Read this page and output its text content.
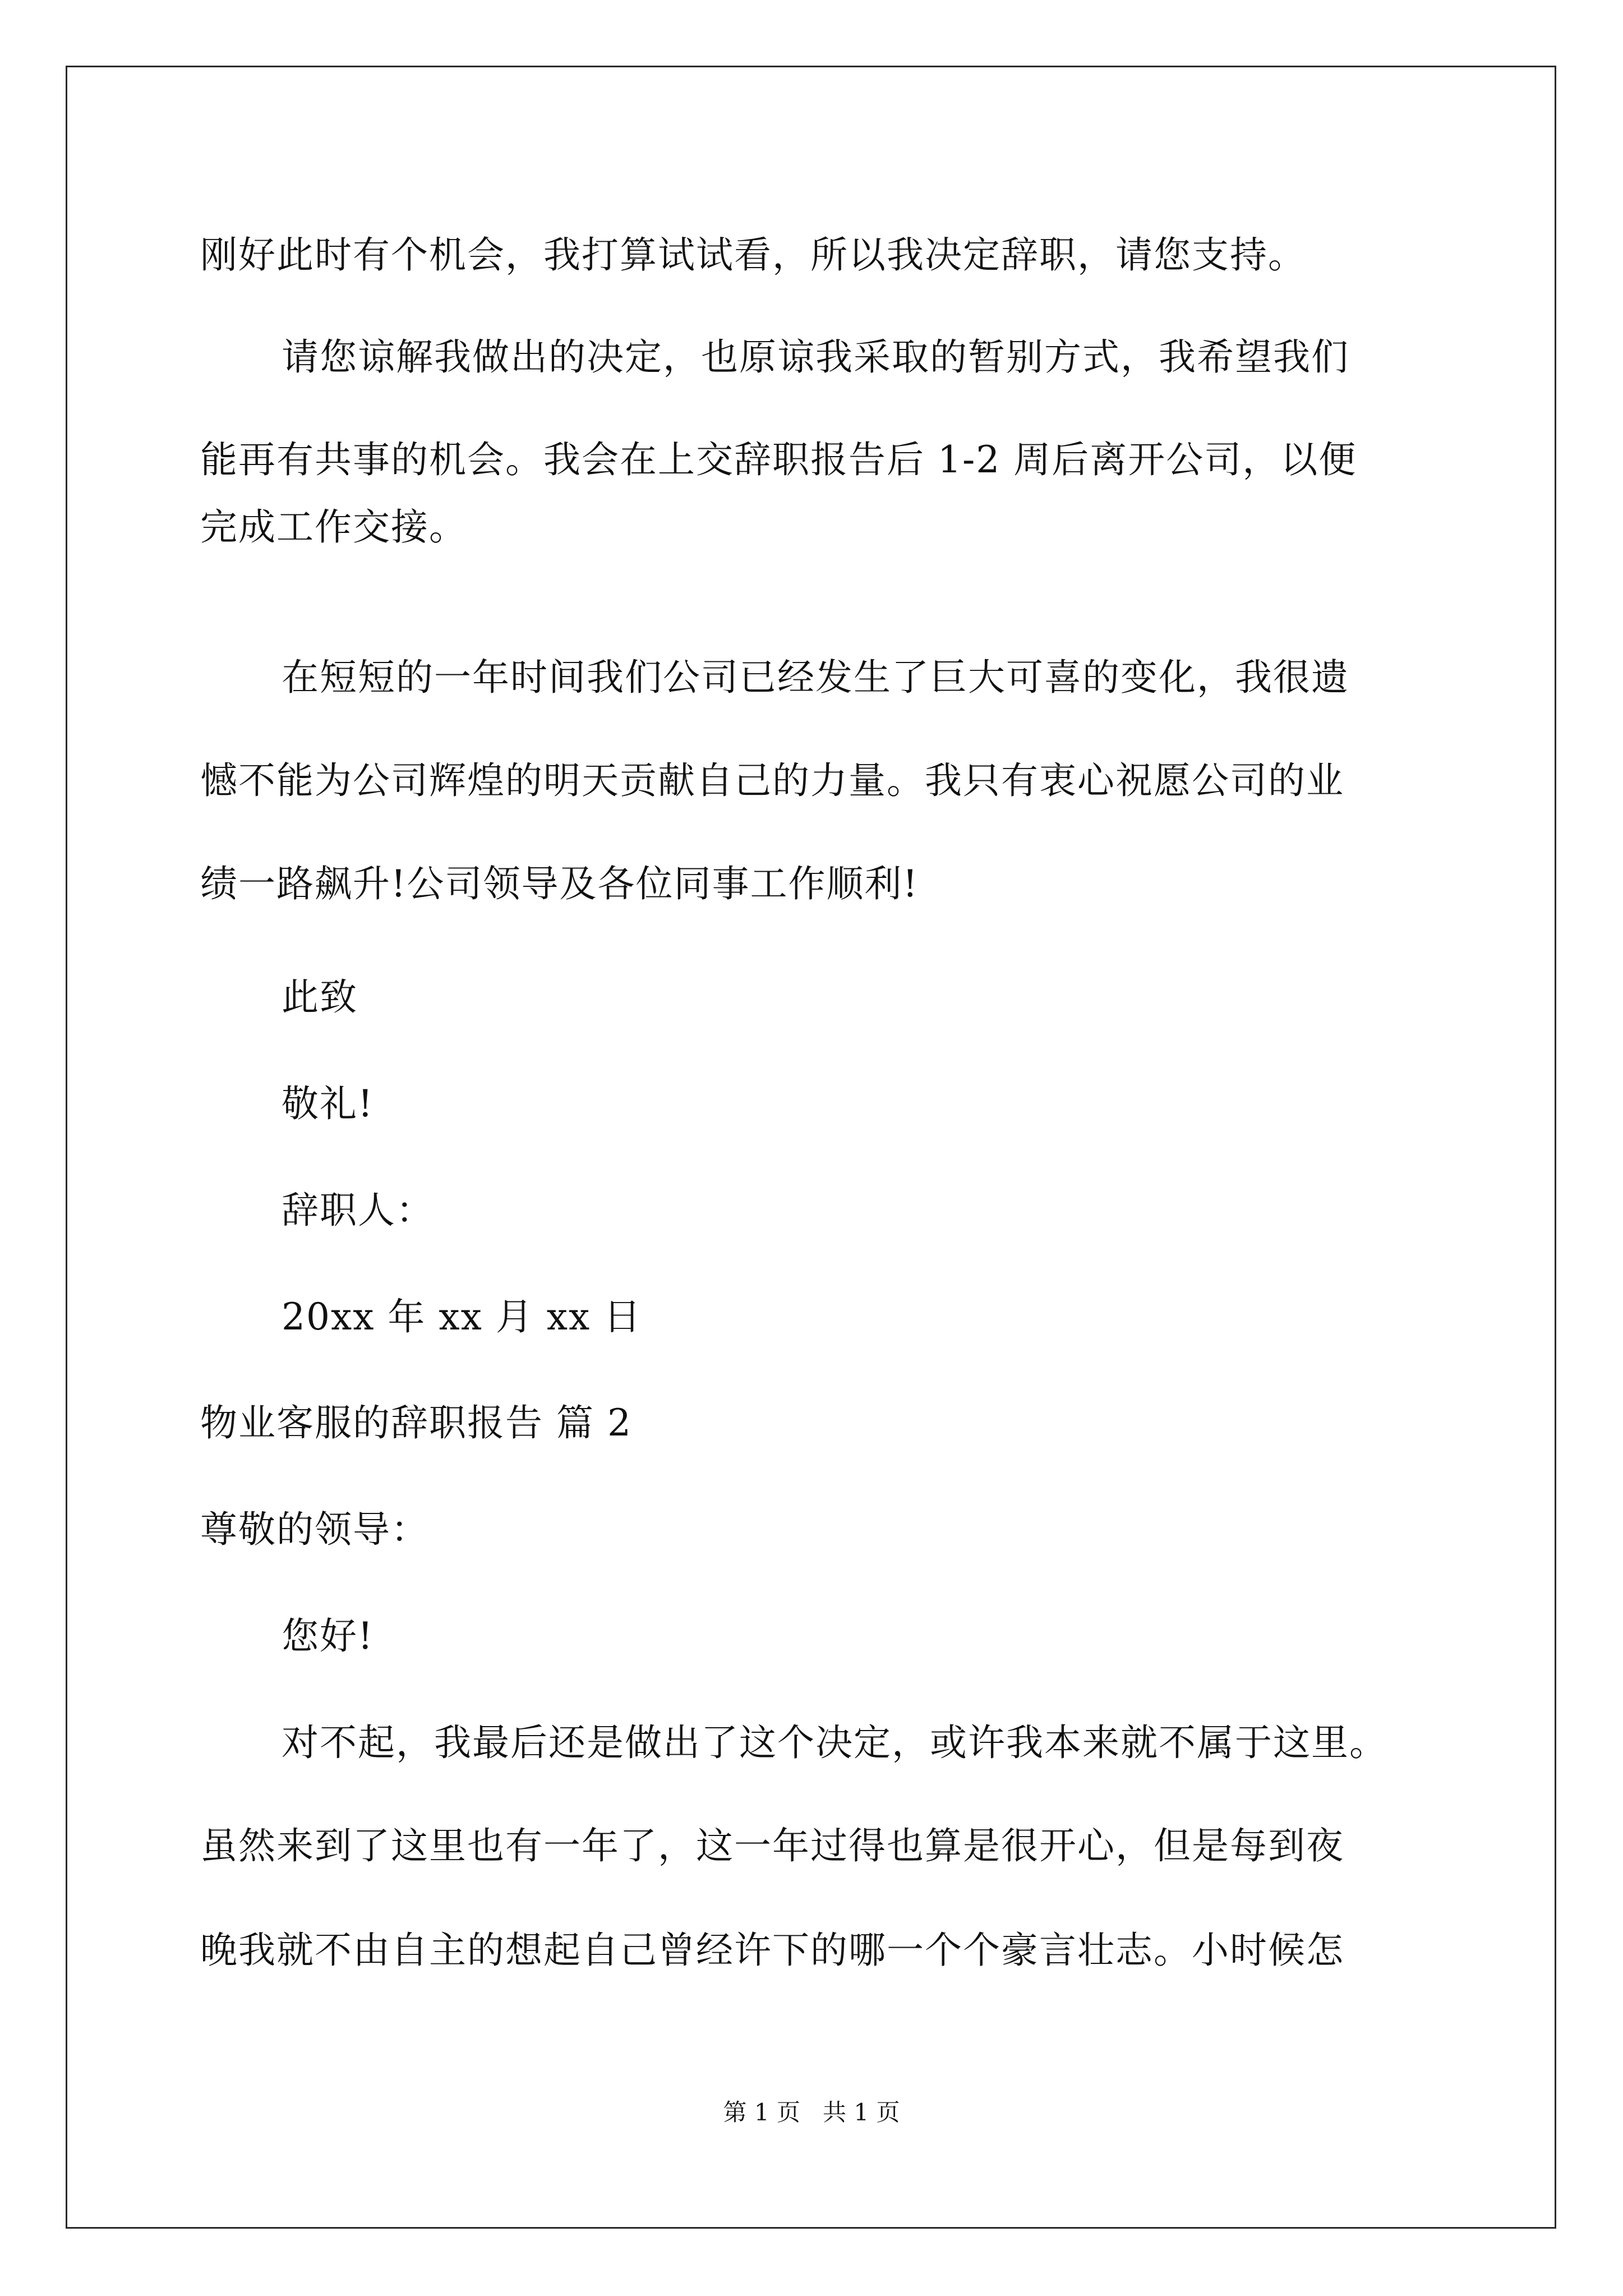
刚好此时有个机会，我打算试试看，所以我决定辞职，请您支持。
请您谅解我做出的决定，也原谅我采取的暂别方式，我希望我们
能再有共事的机会。我会在上交辞职报告后 1-2 周后离开公司，以便
完成工作交接。
在短短的一年时间我们公司已经发生了巨大可喜的变化，我很遗
憾不能为公司辉煌的明天贡献自己的力量。我只有衷心祝愿公司的业
绩一路飙升!公司领导及各位同事工作顺利!
此致
敬礼!
辞职人：
20xx 年 xx 月 xx 日
物业客服的辞职报告 篇 2
尊敬的领导：
您好!
对不起，我最后还是做出了这个决定，或许我本来就不属于这里。
虽然来到了这里也有一年了，这一年过得也算是很开心，但是每到夜
晚我就不由自主的想起自己曾经许下的哪一个个豪言壮志。小时候怎
第 1 页   共 1 页
